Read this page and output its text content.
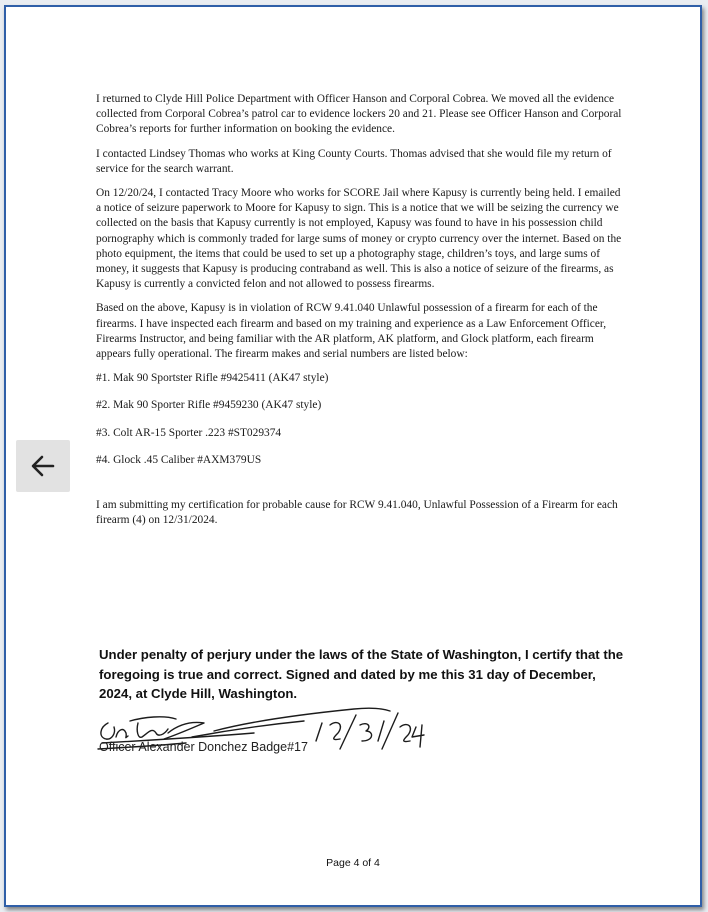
I returned to Clyde Hill Police Department with Officer Hanson and Corporal Cobrea. We moved all the evidence collected from Corporal Cobrea’s patrol car to evidence lockers 20 and 21. Please see Officer Hanson and Corporal Cobrea’s reports for further information on booking the evidence.

I contacted Lindsey Thomas who works at King County Courts. Thomas advised that she would file my return of service for the search warrant.

On 12/20/24, I contacted Tracy Moore who works for SCORE Jail where Kapusy is currently being held. I emailed a notice of seizure paperwork to Moore for Kapusy to sign. This is a notice that we will be seizing the currency we collected on the basis that Kapusy currently is not employed, Kapusy was found to have in his possession child pornography which is commonly traded for large sums of money or crypto currency over the internet. Based on the photo equipment, the items that could be used to set up a photography stage, children’s toys, and large sums of money, it suggests that Kapusy is producing contraband as well. This is also a notice of seizure of the firearms, as Kapusy is currently a convicted felon and not allowed to possess firearms.

Based on the above, Kapusy is in violation of RCW 9.41.040 Unlawful possession of a firearm for each of the firearms. I have inspected each firearm and based on my training and experience as a Law Enforcement Officer, Firearms Instructor, and being familiar with the AR platform, AK platform, and Glock platform, each firearm appears fully operational. The firearm makes and serial numbers are listed below:

#1. Mak 90 Sportster Rifle #9425411 (AK47 style)

#2. Mak 90 Sporter Rifle #9459230 (AK47 style)

#3. Colt AR-15 Sporter .223 #ST029374

#4. Glock .45 Caliber #AXM379US

I am submitting my certification for probable cause for RCW 9.41.040, Unlawful Possession of a Firearm for each firearm (4) on 12/31/2024.

Under penalty of perjury under the laws of the State of Washington, I certify that the foregoing is true and correct. Signed and dated by me this 31 day of December, 2024, at Clyde Hill, Washington.
Officer Alexander Donchez Badge#17
Page 4 of 4
